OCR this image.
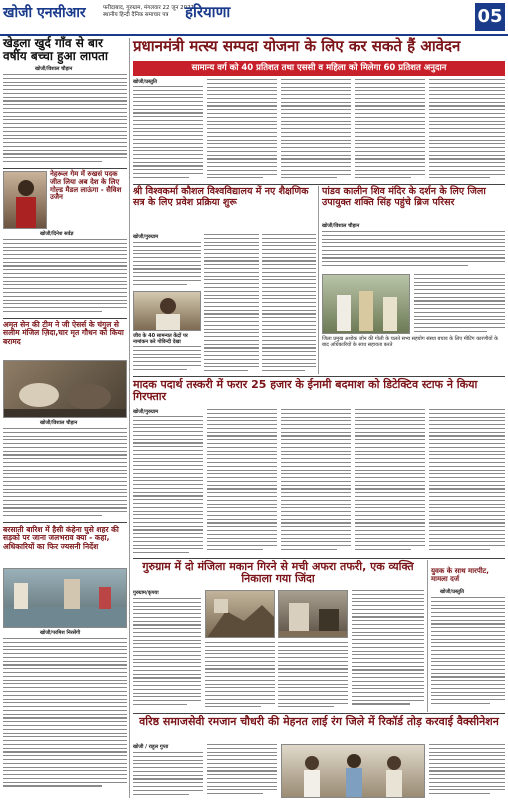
खोजी एनसीआर	फरीदाबाद, गुरुग्राम, मंगलवार 22 जून 2021
स्थानीय हिन्दी दैनिक समाचार पत्र	हरियाणा	05
खेड़ला खुर्द गाँव से बार वर्षीय बच्चा हुआ लापता
खोजी/विशाल चौहान
नेहरूल गेम में रुखसं पदक जीत लिया अब देश के लिए गोल्ड मैडल लाऊंगा - सैविश उजैन
खोजी/दिनेश सर्वज्ञ
अमृत सेन की टीम ने जी ऐसर्स के चंगुल से सलीम मंजिल ज़िदा,चार मृत गौधन को किया बरामद
खोजी/विशाल चौहान
बरसाती बारिश में हैसी कंहेना घुसे शहर की सड़को पर जाना जलभराव क्या - कहा, अधिकारियों का फिर ज्यसनी निर्देश
खोजी/परमिश निरसेंगी
प्रधानमंत्री मत्स्य सम्पदा योजना के लिए कर सकते हैं आवेदन
सामान्य वर्ग को 40 प्रतिशत तथा एससी व महिला को मिलेगा 60 प्रतिशत अनुदान
खोजी/प्रस्तुति
श्री विश्वकर्मा कौशल विश्वविद्यालय में नए शैक्षणिक सत्र के लिए प्रवेश प्रक्रिया शुरू
खोजी/गुरुग्राम
जीव के 40 सामन्यत केंद्रों पर नामांकन करे गोविन्दी देखा
पांडव कालीन शिव मंदिर के दर्शन के लिए जिला उपायुक्त शक्ति सिंह पहुंचे ब्रिज परिसर
खोजी/विशाल चौहान
जिला प्रमुख अशोक जोन की गोली के चलते सभ्य सहयोग संस्था बचाव के लिए मीटिंग कारणीयों के बाद अधिकारियों के साथ सहायता करते
मादक पदार्थ तस्करी में फरार 25 हजार के ईनामी बदमाश को डिटेक्टिव स्टाफ ने किया गिरफ्तार
खोजी/गुरुग्राम
गुरुग्राम में दो मंजिला मकान गिरने से मची अफरा तफरी, एक व्यक्ति निकाला गया जिंदा
गुरुग्राम/कृपया
युवक के साथ मारपीट, मामला दर्ज
खोजी/प्रस्तुति
वरिष्ठ समाजसेवी रमजान चौधरी की मेहनत लाई रंग जिले में रिकॉर्ड तोड़ करवाई वैक्सीनेशन
खोजी / राहुल गुप्ता
